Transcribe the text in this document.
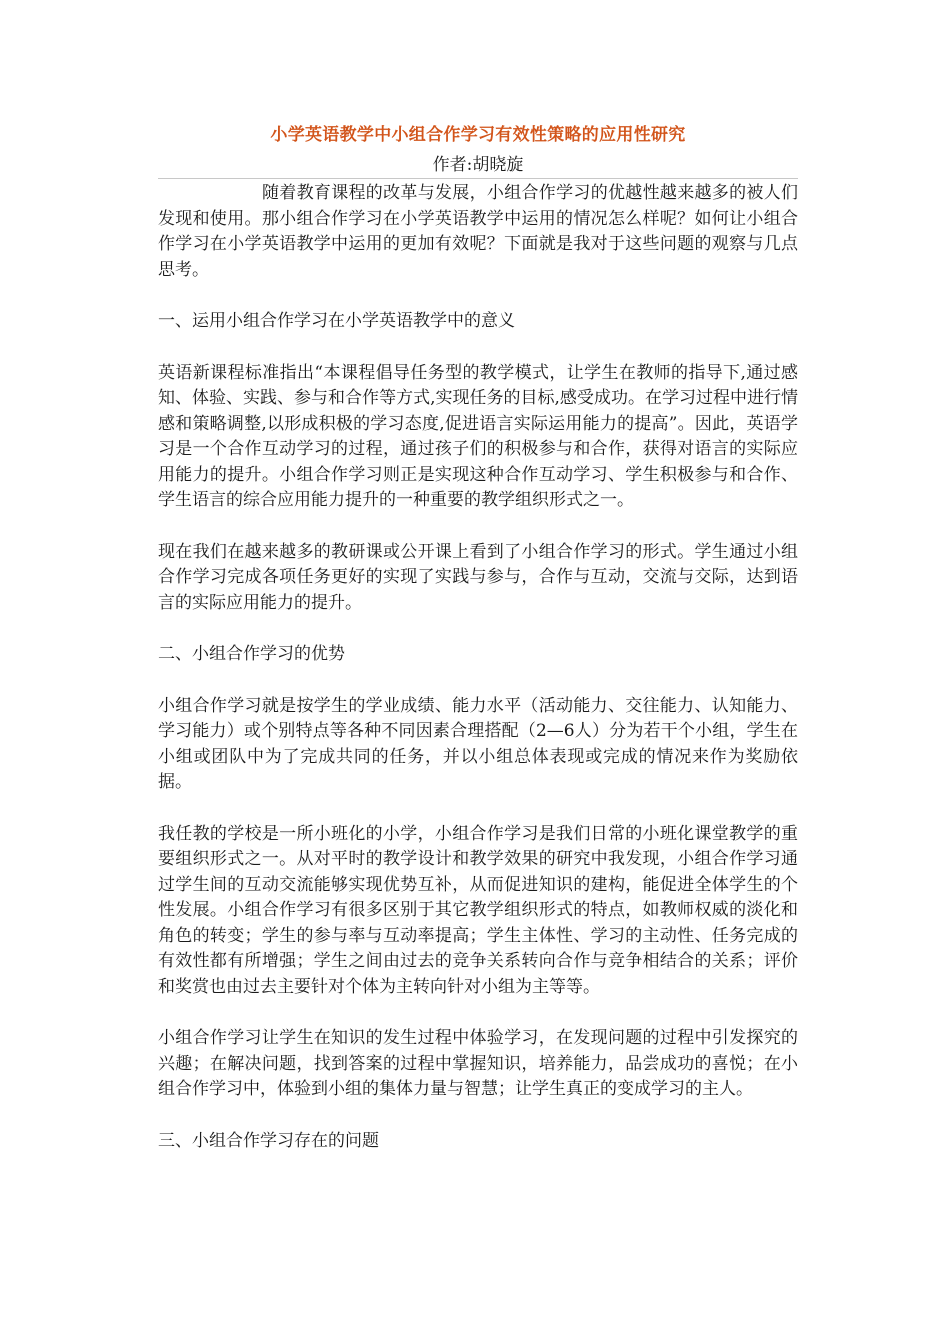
小学英语教学中小组合作学习有效性策略的应用性研究
作者:胡晓旋

随着教育课程的改革与发展，小组合作学习的优越性越来越多的被人们发现和使用。那小组合作学习在小学英语教学中运用的情况怎么样呢？如何让小组合作学习在小学英语教学中运用的更加有效呢？下面就是我对于这些问题的观察与几点思考。

一、运用小组合作学习在小学英语教学中的意义

英语新课程标准指出“本课程倡导任务型的教学模式，让学生在教师的指导下,通过感知、体验、实践、参与和合作等方式,实现任务的目标,感受成功。在学习过程中进行情感和策略调整,以形成积极的学习态度,促进语言实际运用能力的提高”。因此，英语学习是一个合作互动学习的过程，通过孩子们的积极参与和合作，获得对语言的实际应用能力的提升。小组合作学习则正是实现这种合作互动学习、学生积极参与和合作、学生语言的综合应用能力提升的一种重要的教学组织形式之一。

现在我们在越来越多的教研课或公开课上看到了小组合作学习的形式。学生通过小组合作学习完成各项任务更好的实现了实践与参与，合作与互动，交流与交际，达到语言的实际应用能力的提升。

二、小组合作学习的优势

小组合作学习就是按学生的学业成绩、能力水平（活动能力、交往能力、认知能力、学习能力）或个别特点等各种不同因素合理搭配（2—6人）分为若干个小组，学生在小组或团队中为了完成共同的任务，并以小组总体表现或完成的情况来作为奖励依据。

我任教的学校是一所小班化的小学，小组合作学习是我们日常的小班化课堂教学的重要组织形式之一。从对平时的教学设计和教学效果的研究中我发现，小组合作学习通过学生间的互动交流能够实现优势互补，从而促进知识的建构，能促进全体学生的个性发展。小组合作学习有很多区别于其它教学组织形式的特点，如教师权威的淡化和角色的转变；学生的参与率与互动率提高；学生主体性、学习的主动性、任务完成的有效性都有所增强；学生之间由过去的竞争关系转向合作与竞争相结合的关系；评价和奖赏也由过去主要针对个体为主转向针对小组为主等等。

小组合作学习让学生在知识的发生过程中体验学习，在发现问题的过程中引发探究的兴趣；在解决问题，找到答案的过程中掌握知识，培养能力，品尝成功的喜悦；在小组合作学习中，体验到小组的集体力量与智慧；让学生真正的变成学习的主人。

三、小组合作学习存在的问题
